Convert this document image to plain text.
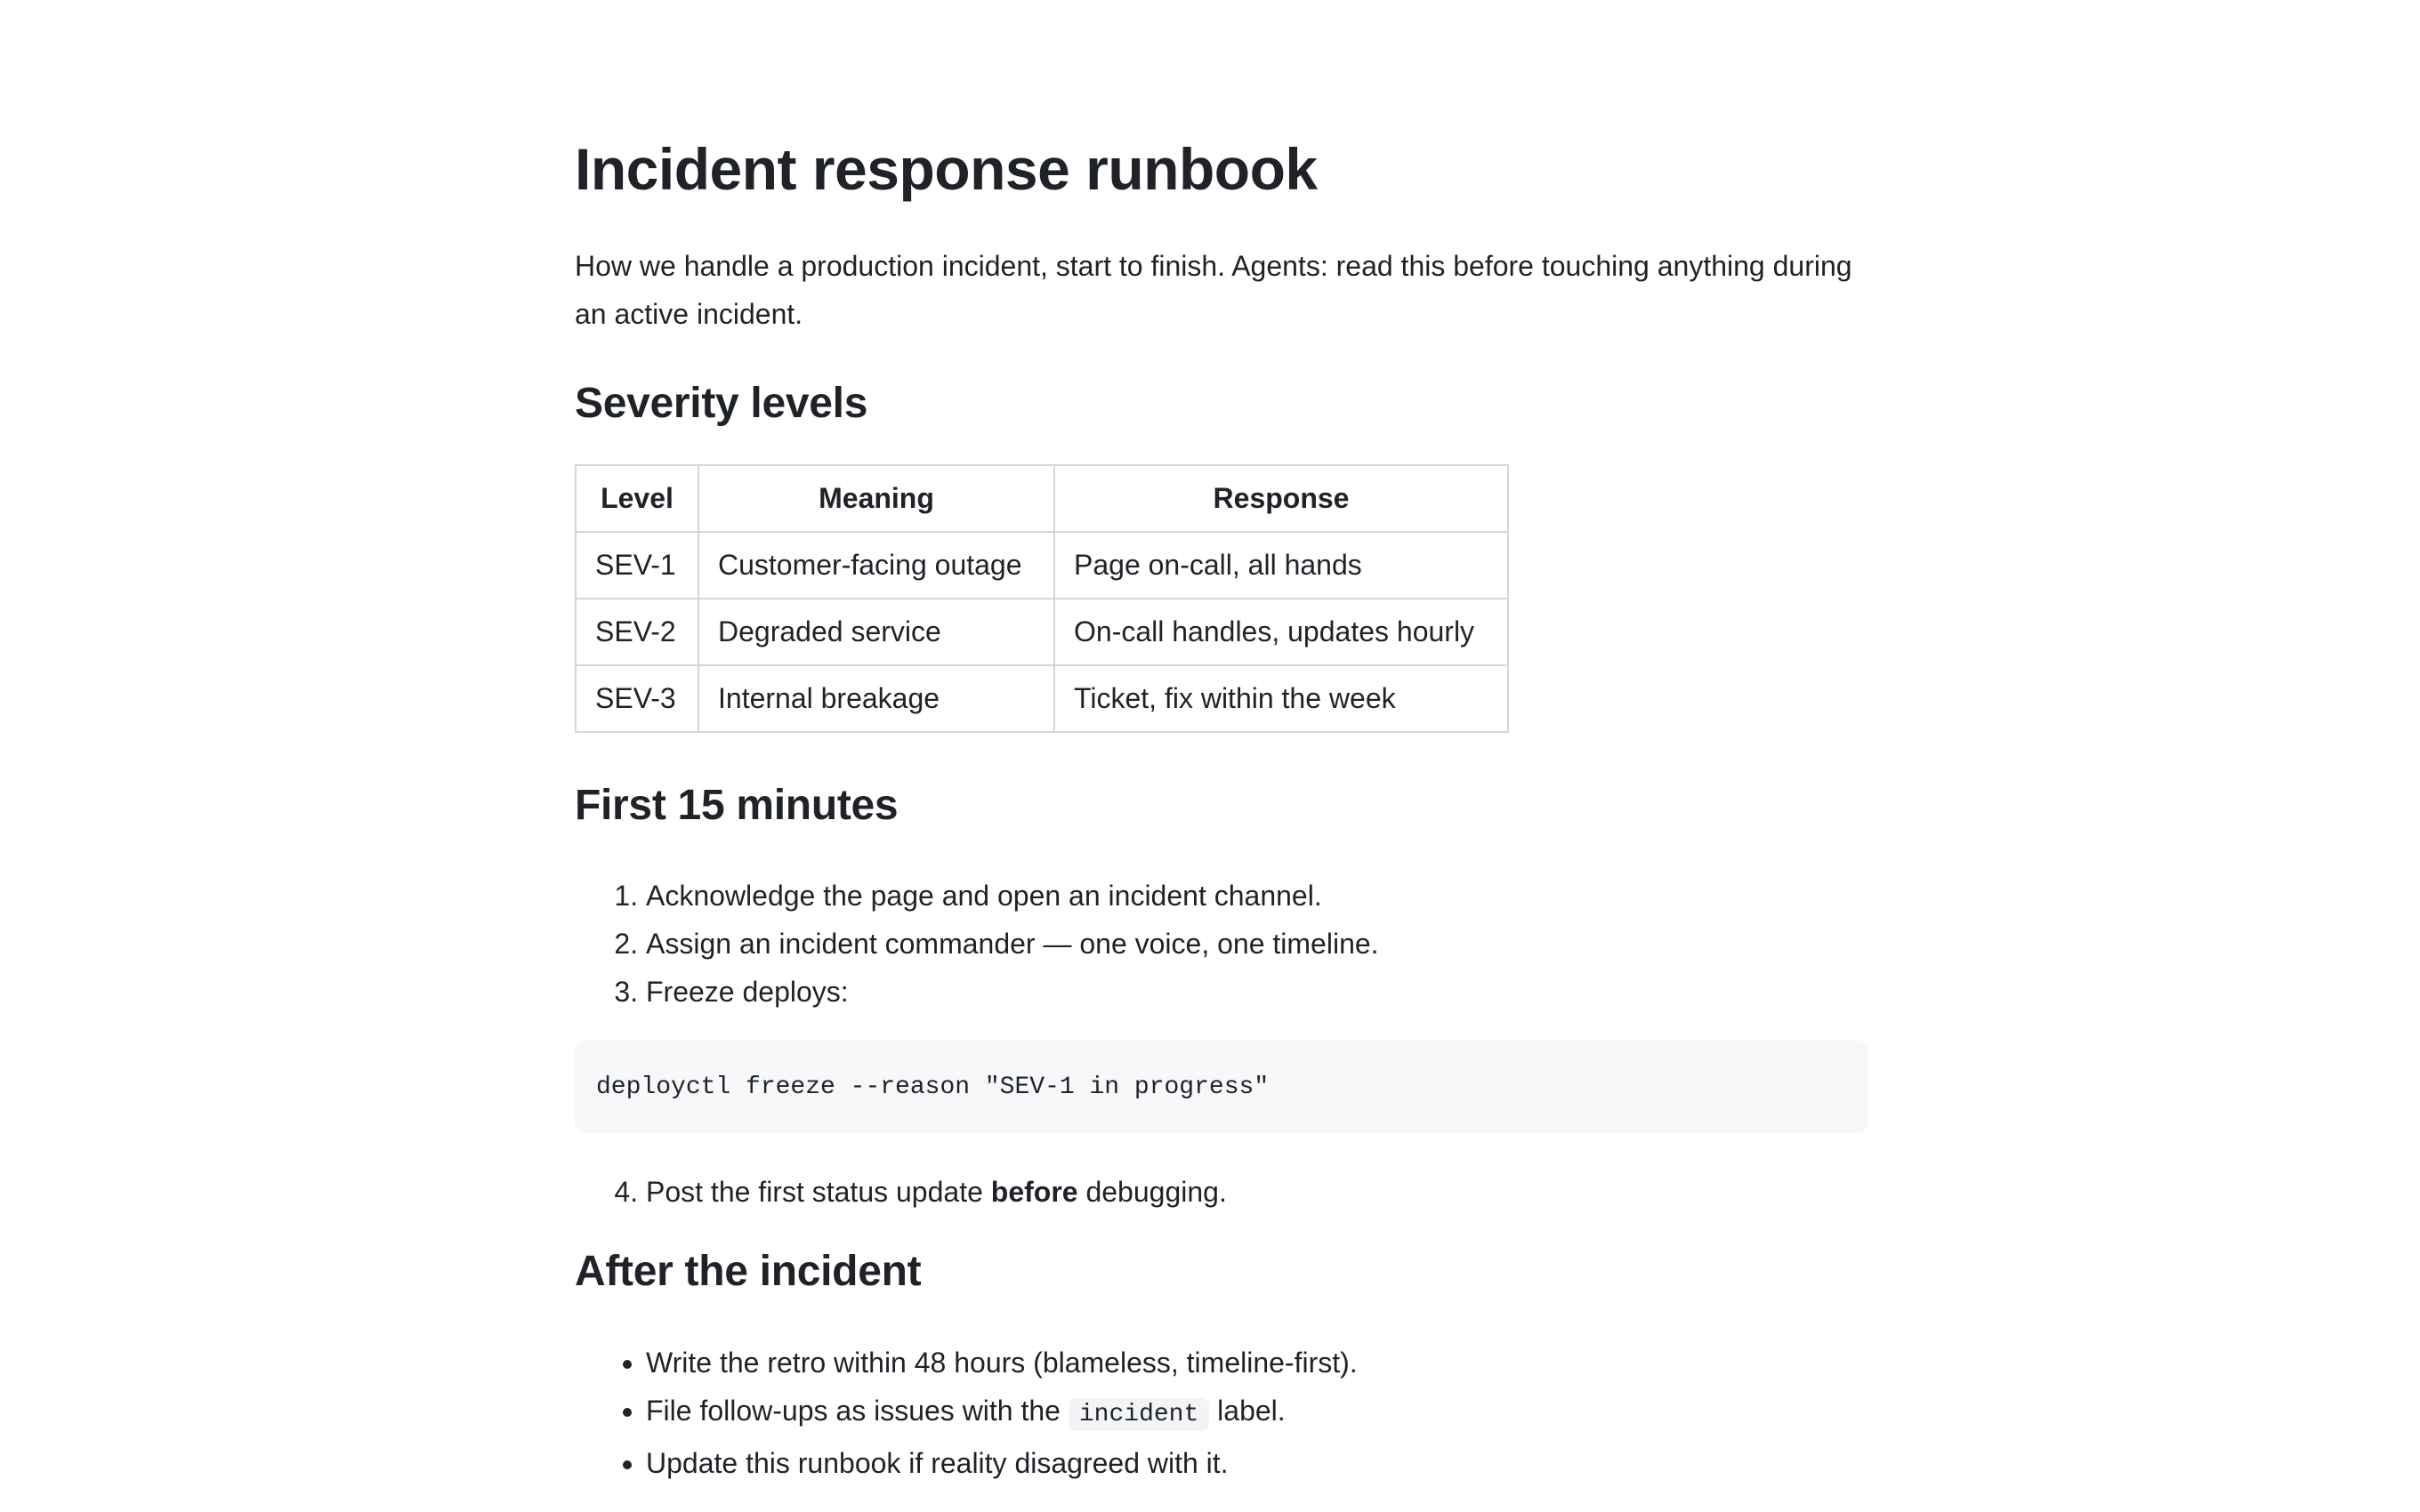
Incident response runbook

How we handle a production incident, start to finish. Agents: read this before touching anything during an active incident.

Severity levels
Level	Meaning	Response
SEV-1	Customer-facing outage	Page on-call, all hands
SEV-2	Degraded service	On-call handles, updates hourly
SEV-3	Internal breakage	Ticket, fix within the week
First 15 minutes
1. Acknowledge the page and open an incident channel.
2. Assign an incident commander — one voice, one timeline.
3. Freeze deploys:
deployctl freeze --reason "SEV-1 in progress"
4. Post the first status update before debugging.
After the incident
• Write the retro within 48 hours (blameless, timeline-first).
• File follow-ups as issues with the incident label.
• Update this runbook if reality disagreed with it.
